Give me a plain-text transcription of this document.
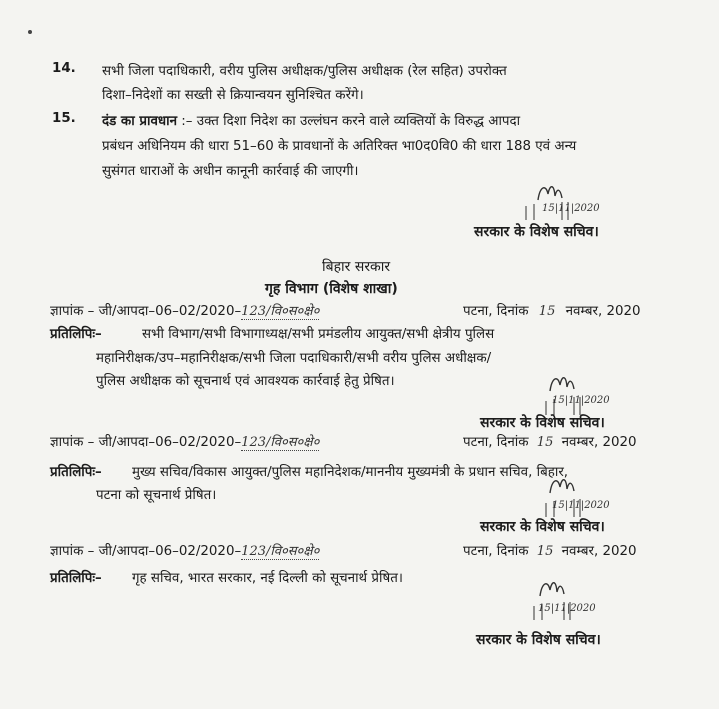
14. सभी जिला पदाधिकारी, वरीय पुलिस अधीक्षक/पुलिस अधीक्षक (रेल सहित) उपरोक्त
दिशा–निदेशों का सख्ती से क्रियान्वयन सुनिश्चित करेंगे।
15. दंड का प्रावधान :– उक्त दिशा निदेश का उल्लंघन करने वाले व्यक्तियों के विरुद्ध आपदा
प्रबंधन अधिनियम की धारा 51–60 के प्रावधानों के अतिरिक्त भा0द0वि0 की धारा 188 एवं अन्य
सुसंगत धाराओं के अधीन कानूनी कार्रवाई की जाएगी।
15|11|2020
सरकार के विशेष सचिव।
बिहार सरकार
गृह विभाग (विशेष शाखा)
ज्ञापांक – जी/आपदा–06–02/2020–123/वि०स०क्षे०	पटना, दिनांक 15 नवम्बर, 2020
प्रतिलिपिः–	सभी विभाग/सभी विभागाध्यक्ष/सभी प्रमंडलीय आयुक्त/सभी क्षेत्रीय पुलिस
महानिरीक्षक/उप–महानिरीक्षक/सभी जिला पदाधिकारी/सभी वरीय पुलिस अधीक्षक/
पुलिस अधीक्षक को सूचनार्थ एवं आवश्यक कार्रवाई हेतु प्रेषित।
15|11|2020
सरकार के विशेष सचिव।
ज्ञापांक – जी/आपदा–06–02/2020–123/वि०स०क्षे०	पटना, दिनांक 15 नवम्बर, 2020
प्रतिलिपिः– मुख्य सचिव/विकास आयुक्त/पुलिस महानिदेशक/माननीय मुख्यमंत्री के प्रधान सचिव, बिहार,
पटना को सूचनार्थ प्रेषित।
15|11|2020
सरकार के विशेष सचिव।
ज्ञापांक – जी/आपदा–06–02/2020–123/वि०स०क्षे०	पटना, दिनांक 15 नवम्बर, 2020
प्रतिलिपिः– गृह सचिव, भारत सरकार, नई दिल्ली को सूचनार्थ प्रेषित।
15|11|2020
सरकार के विशेष सचिव।
